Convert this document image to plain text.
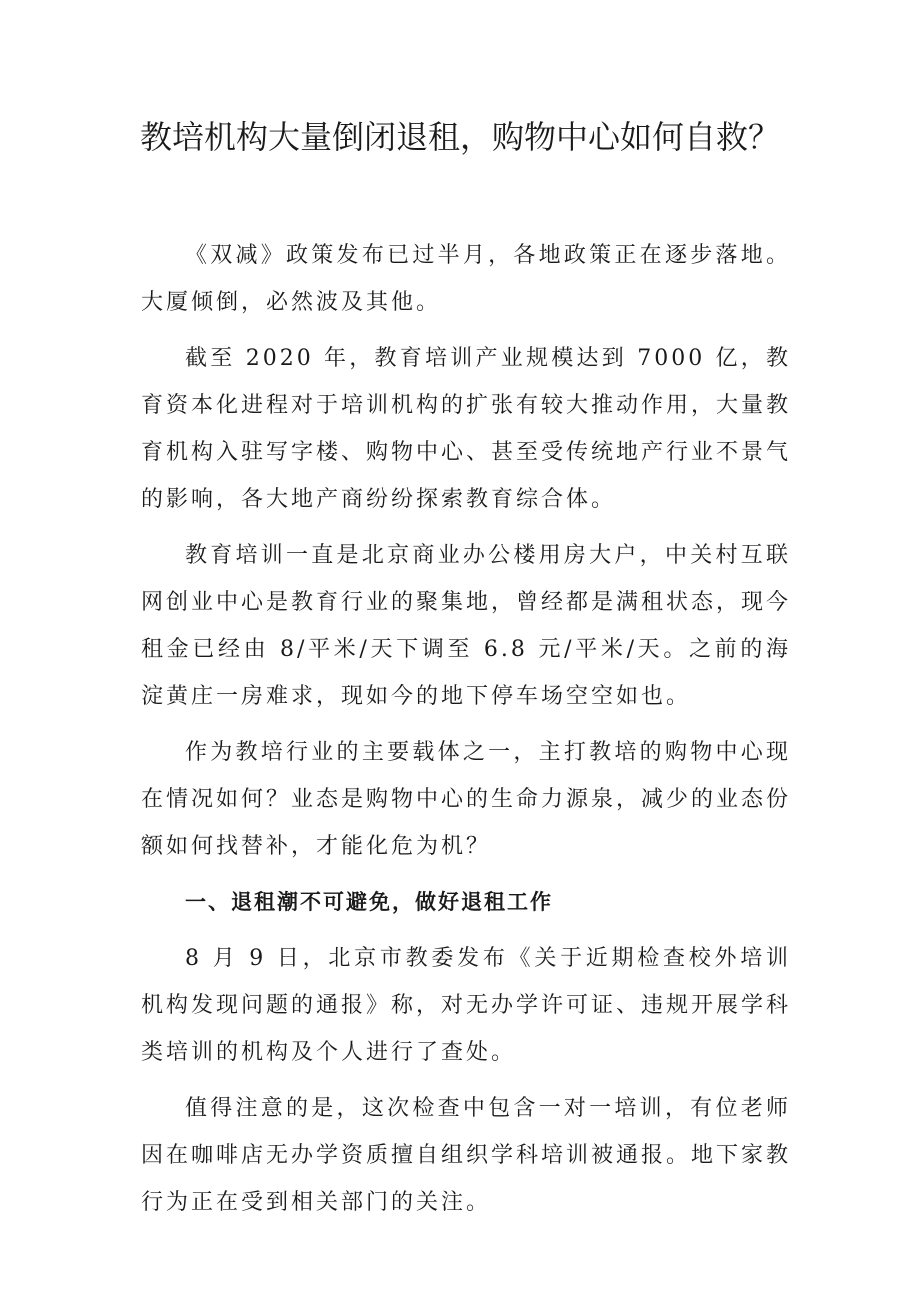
教培机构大量倒闭退租，购物中心如何自救？

《双减》政策发布已过半月，各地政策正在逐步落地。大厦倾倒，必然波及其他。

截至 2020 年，教育培训产业规模达到 7000 亿，教育资本化进程对于培训机构的扩张有较大推动作用，大量教育机构入驻写字楼、购物中心、甚至受传统地产行业不景气的影响，各大地产商纷纷探索教育综合体。

教育培训一直是北京商业办公楼用房大户，中关村互联网创业中心是教育行业的聚集地，曾经都是满租状态，现今租金已经由 8/平米/天下调至 6.8 元/平米/天。之前的海淀黄庄一房难求，现如今的地下停车场空空如也。

作为教培行业的主要载体之一，主打教培的购物中心现在情况如何？业态是购物中心的生命力源泉，减少的业态份额如何找替补，才能化危为机？

一、退租潮不可避免，做好退租工作

8 月 9 日，北京市教委发布《关于近期检查校外培训机构发现问题的通报》称，对无办学许可证、违规开展学科类培训的机构及个人进行了查处。

值得注意的是，这次检查中包含一对一培训，有位老师因在咖啡店无办学资质擅自组织学科培训被通报。地下家教行为正在受到相关部门的关注。
